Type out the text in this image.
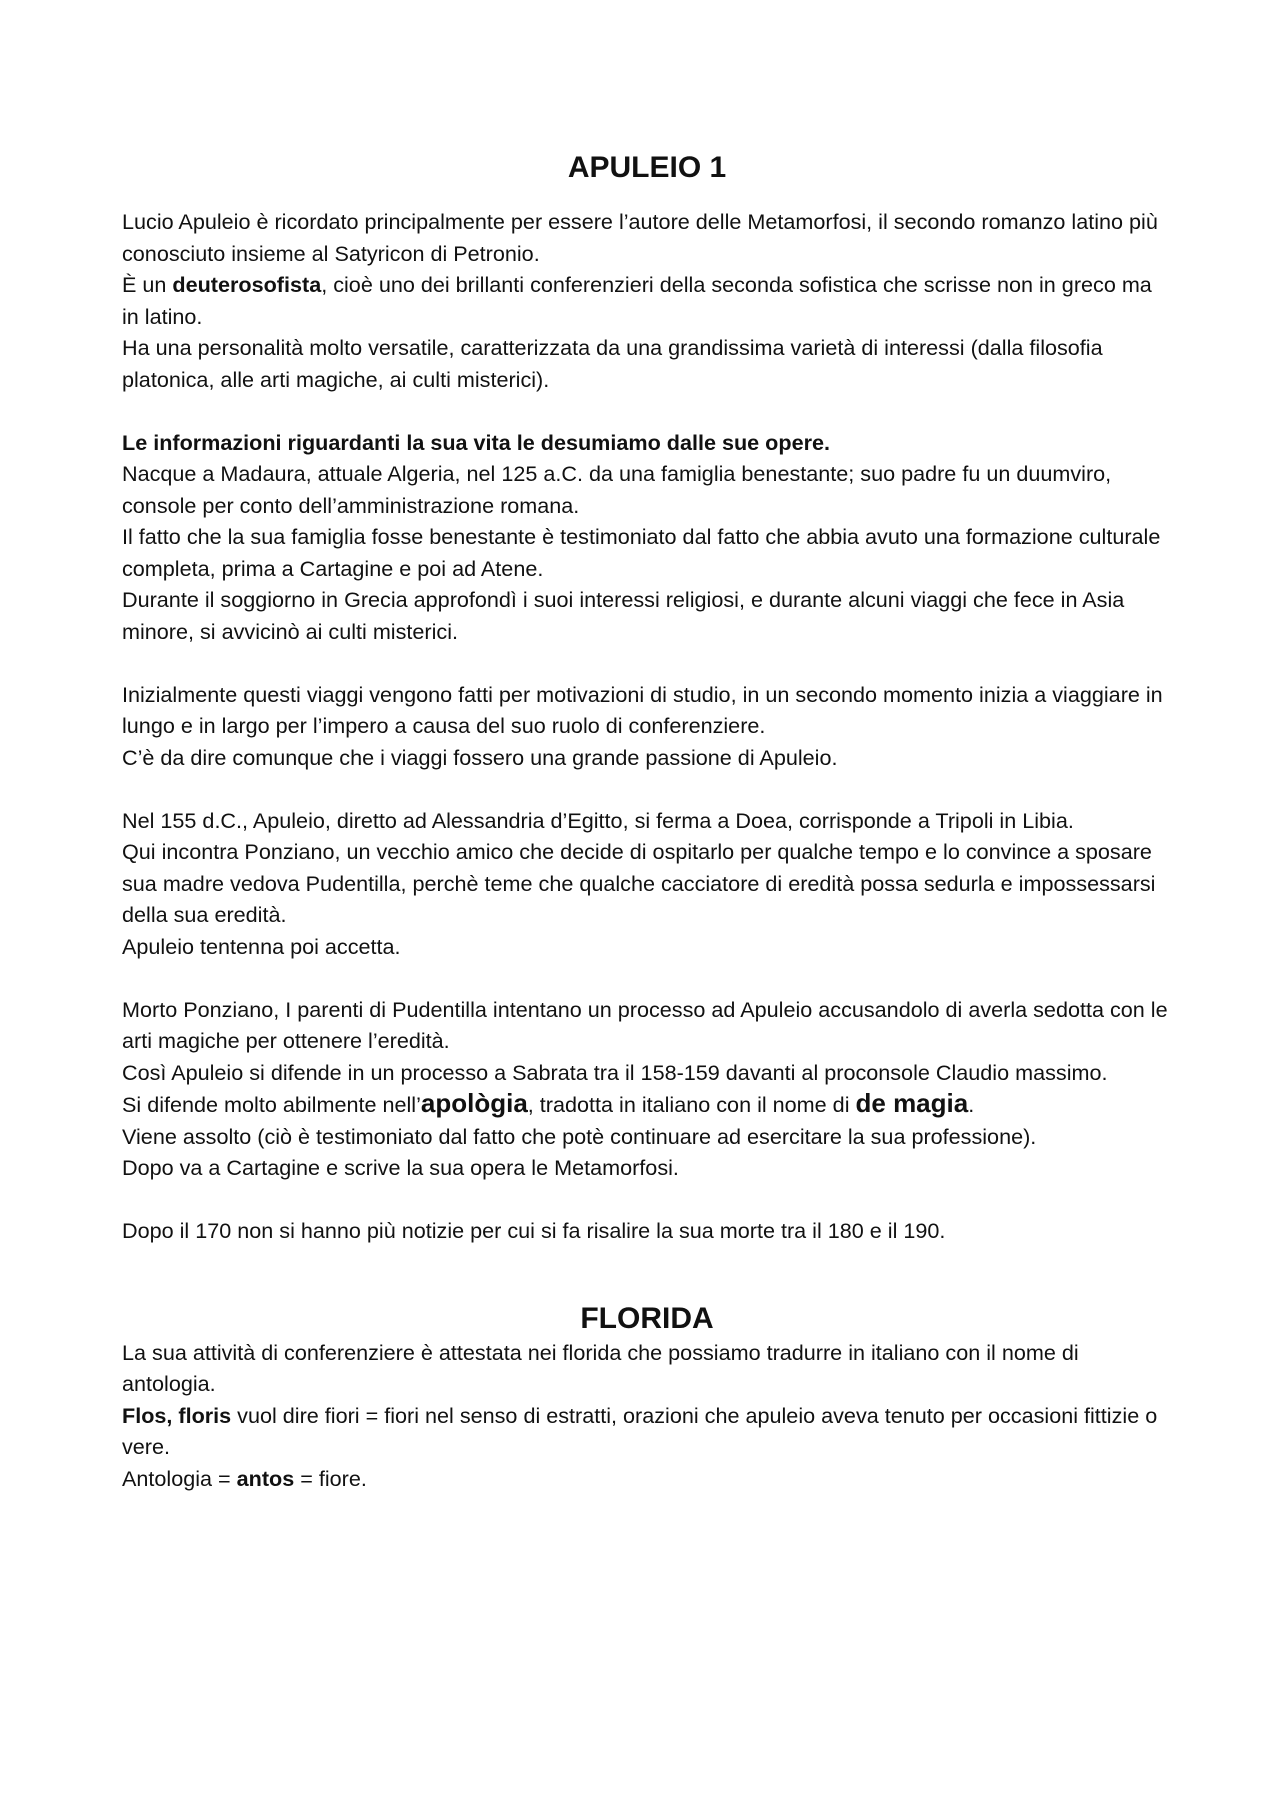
APULEIO 1

Lucio Apuleio è ricordato principalmente per essere l’autore delle Metamorfosi, il secondo romanzo latino più conosciuto insieme al Satyricon di Petronio.

È un deuterosofista, cioè uno dei brillanti conferenzieri della seconda sofistica che scrisse non in greco ma in latino.

Ha una personalità molto versatile, caratterizzata da una grandissima varietà di interessi (dalla filosofia platonica, alle arti magiche, ai culti misterici).

Le informazioni riguardanti la sua vita le desumiamo dalle sue opere.

Nacque a Madaura, attuale Algeria, nel 125 a.C. da una famiglia benestante; suo padre fu un duumviro, console per conto dell’amministrazione romana.

Il fatto che la sua famiglia fosse benestante è testimoniato dal fatto che abbia avuto una formazione culturale completa, prima a Cartagine e poi ad Atene.

Durante il soggiorno in Grecia approfondì i suoi interessi religiosi, e durante alcuni viaggi che fece in Asia minore, si avvicinò ai culti misterici.

Inizialmente questi viaggi vengono fatti per motivazioni di studio, in un secondo momento inizia a viaggiare in lungo e in largo per l’impero a causa del suo ruolo di conferenziere.

C’è da dire comunque che i viaggi fossero una grande passione di Apuleio.

Nel 155 d.C., Apuleio, diretto ad Alessandria d’Egitto, si ferma a Doea, corrisponde a Tripoli in Libia.

Qui incontra Ponziano, un vecchio amico che decide di ospitarlo per qualche tempo e lo convince a sposare sua madre vedova Pudentilla, perchè teme che qualche cacciatore di eredità possa sedurla e impossessarsi della sua eredità.

Apuleio tentenna poi accetta.

Morto Ponziano, I parenti di Pudentilla intentano un processo ad Apuleio accusandolo di averla sedotta con le arti magiche per ottenere l’eredità.

Così Apuleio si difende in un processo a Sabrata tra il 158-159 davanti al proconsole Claudio massimo.

Si difende molto abilmente nell’apològia, tradotta in italiano con il nome di de magia.

Viene assolto (ciò è testimoniato dal fatto che potè continuare ad esercitare la sua professione).

Dopo va a Cartagine e scrive la sua opera le Metamorfosi.

Dopo il 170 non si hanno più notizie per cui si fa risalire la sua morte tra il 180 e il 190.

FLORIDA

La sua attività di conferenziere è attestata nei florida che possiamo tradurre in italiano con il nome di antologia.

Flos, floris vuol dire fiori = fiori nel senso di estratti, orazioni che apuleio aveva tenuto per occasioni fittizie o vere.

Antologia = antos = fiore.
